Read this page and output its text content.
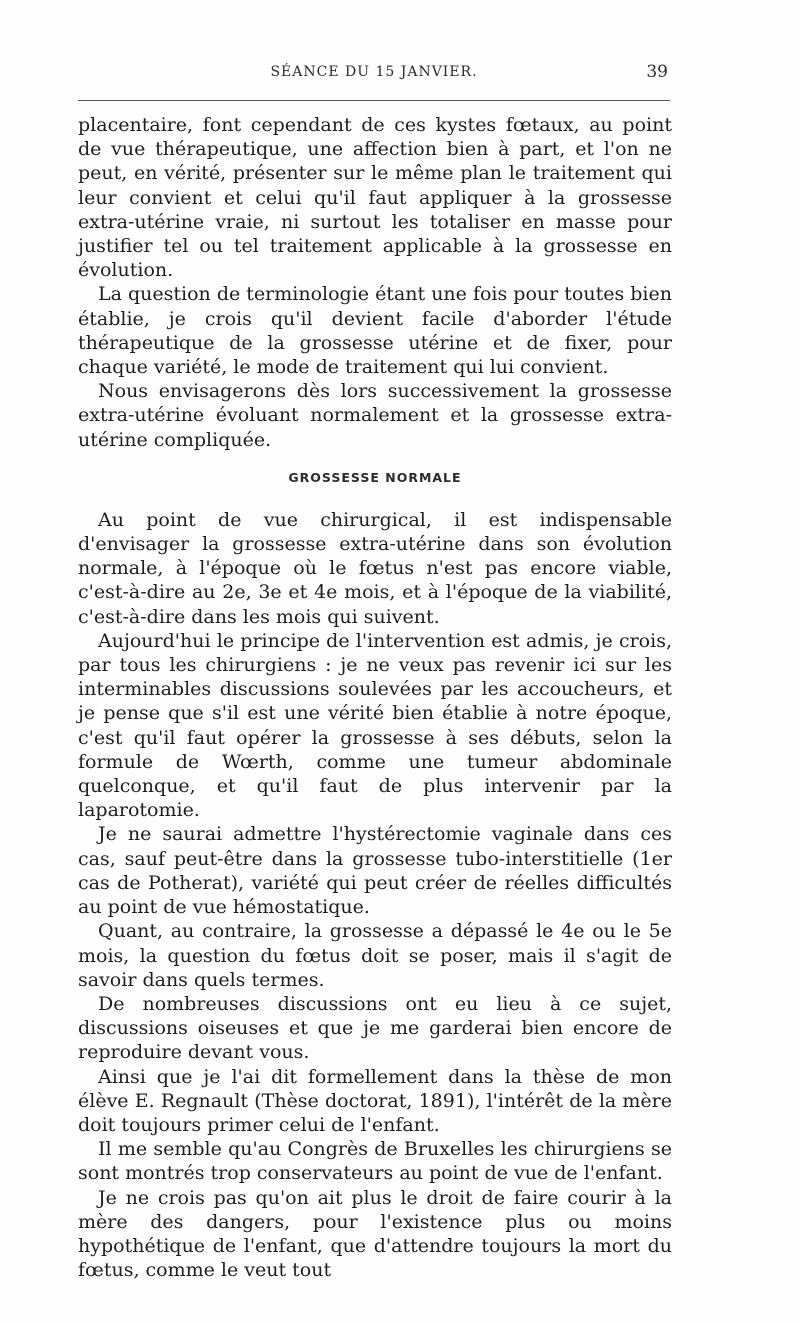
SÉANCE DU 15 JANVIER.	39

placentaire, font cependant de ces kystes fœtaux, au point de vue thérapeutique, une affection bien à part, et l'on ne peut, en vérité, présenter sur le même plan le traitement qui leur convient et celui qu'il faut appliquer à la grossesse extra-utérine vraie, ni surtout les totaliser en masse pour justifier tel ou tel traitement applicable à la grossesse en évolution.

La question de terminologie étant une fois pour toutes bien établie, je crois qu'il devient facile d'aborder l'étude thérapeutique de la grossesse utérine et de fixer, pour chaque variété, le mode de traitement qui lui convient.

Nous envisagerons dès lors successivement la grossesse extra-utérine évoluant normalement et la grossesse extra-utérine compliquée.

GROSSESSE NORMALE

Au point de vue chirurgical, il est indispensable d'envisager la grossesse extra-utérine dans son évolution normale, à l'époque où le fœtus n'est pas encore viable, c'est-à-dire au 2e, 3e et 4e mois, et à l'époque de la viabilité, c'est-à-dire dans les mois qui suivent.

Aujourd'hui le principe de l'intervention est admis, je crois, par tous les chirurgiens : je ne veux pas revenir ici sur les interminables discussions soulevées par les accoucheurs, et je pense que s'il est une vérité bien établie à notre époque, c'est qu'il faut opérer la grossesse à ses débuts, selon la formule de Wœrth, comme une tumeur abdominale quelconque, et qu'il faut de plus intervenir par la laparotomie.

Je ne saurai admettre l'hystérectomie vaginale dans ces cas, sauf peut-être dans la grossesse tubo-interstitielle (1er cas de Potherat), variété qui peut créer de réelles difficultés au point de vue hémostatique.

Quant, au contraire, la grossesse a dépassé le 4e ou le 5e mois, la question du fœtus doit se poser, mais il s'agit de savoir dans quels termes.

De nombreuses discussions ont eu lieu à ce sujet, discussions oiseuses et que je me garderai bien encore de reproduire devant vous.

Ainsi que je l'ai dit formellement dans la thèse de mon élève E. Regnault (Thèse doctorat, 1891), l'intérêt de la mère doit toujours primer celui de l'enfant.

Il me semble qu'au Congrès de Bruxelles les chirurgiens se sont montrés trop conservateurs au point de vue de l'enfant.

Je ne crois pas qu'on ait plus le droit de faire courir à la mère des dangers, pour l'existence plus ou moins hypothétique de l'enfant, que d'attendre toujours la mort du fœtus, comme le veut tout
